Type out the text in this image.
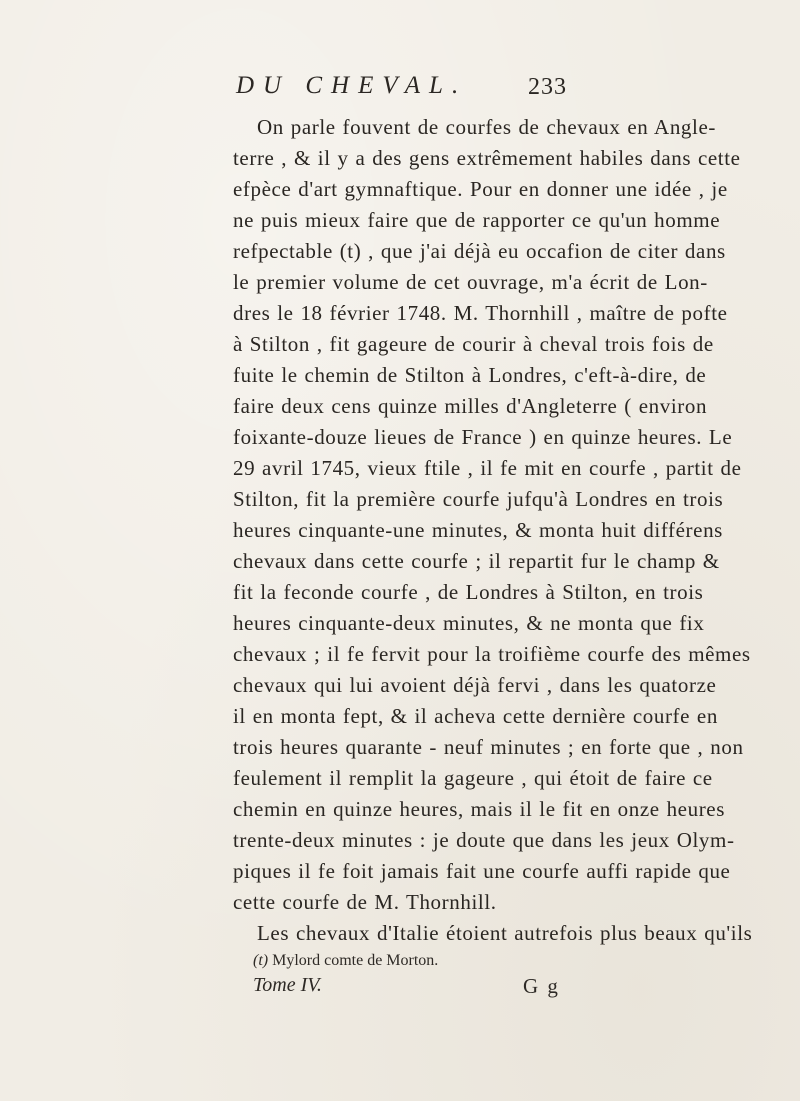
DU CHEVAL.	233
On parle fouvent de courfes de chevaux en Angle-
terre , & il y a des gens extrêmement habiles dans cette
efpèce d'art gymnaftique. Pour en donner une idée , je
ne puis mieux faire que de rapporter ce qu'un homme
refpectable (t) , que j'ai déjà eu occafion de citer dans
le premier volume de cet ouvrage, m'a écrit de Lon-
dres le 18 février 1748. M. Thornhill , maître de pofte
à Stilton , fit gageure de courir à cheval trois fois de
fuite le chemin de Stilton à Londres, c'eft-à-dire, de
faire deux cens quinze milles d'Angleterre ( environ
foixante-douze lieues de France ) en quinze heures. Le
29 avril 1745, vieux ftile , il fe mit en courfe , partit de
Stilton, fit la première courfe jufqu'à Londres en trois
heures cinquante-une minutes, & monta huit différens
chevaux dans cette courfe ; il repartit fur le champ &
fit la feconde courfe , de Londres à Stilton, en trois
heures cinquante-deux minutes, & ne monta que fix
chevaux ; il fe fervit pour la troifième courfe des mêmes
chevaux qui lui avoient déjà fervi , dans les quatorze
il en monta fept, & il acheva cette dernière courfe en
trois heures quarante - neuf minutes ; en forte que , non
feulement il remplit la gageure , qui étoit de faire ce
chemin en quinze heures, mais il le fit en onze heures
trente-deux minutes : je doute que dans les jeux Olym-
piques il fe foit jamais fait une courfe auffi rapide que
cette courfe de M. Thornhill.
Les chevaux d'Italie étoient autrefois plus beaux qu'ils
(t) Mylord comte de Morton.
Tome IV.	G g
